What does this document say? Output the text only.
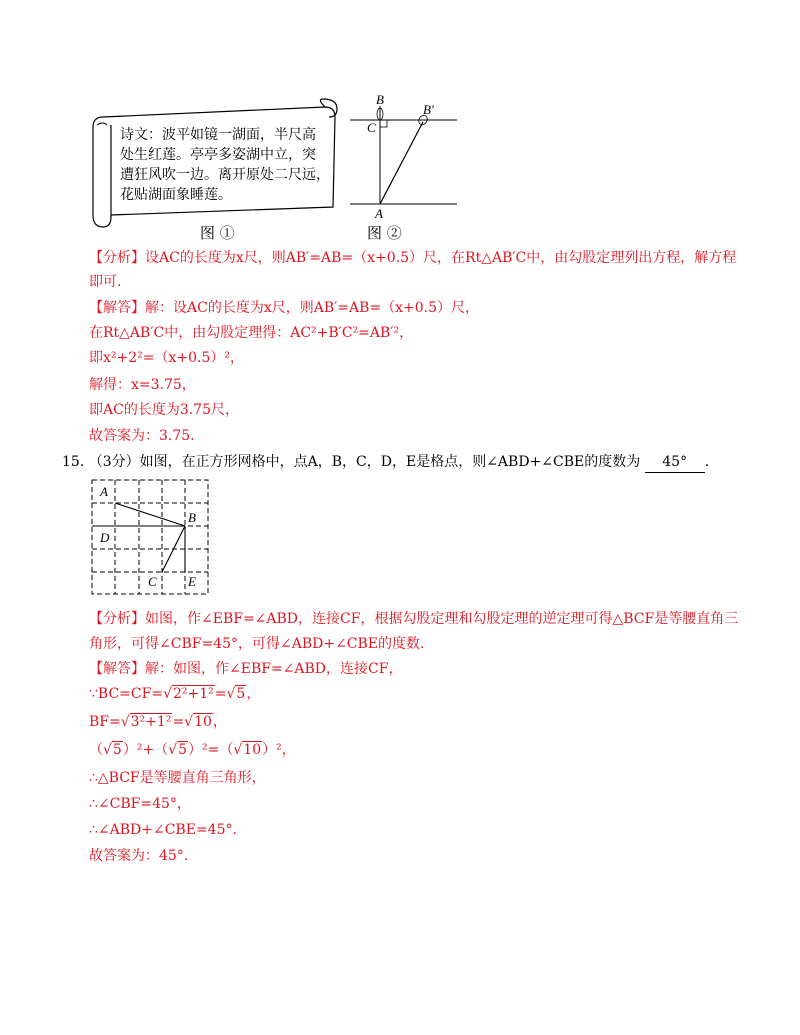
诗文：波平如镜一湖面，半尺高
处生红莲。亭亭多姿湖中立，突
遭狂风吹一边。离开原处二尺远，
花贴湖面象睡莲。
图 ①
B
B′
C
A
图 ②
【分析】设AC的长度为x尺，则AB′=AB=（x+0.5）尺，在Rt△AB′C中，由勾股定理列出方程，解方程
即可.
【解答】解：设AC的长度为x尺，则AB′=AB=（x+0.5）尺，
在Rt△AB′C中，由勾股定理得：AC²+B′C²=AB′²，
即x²+2²=（x+0.5）²，
解得：x=3.75，
即AC的长度为3.75尺，
故答案为：3.75.
15. （3分）如图，在正方形网格中，点A，B，C，D，E是格点，则∠ABD+∠CBE的度数为 45° .
A
B
D
C E
【分析】如图，作∠EBF=∠ABD，连接CF，根据勾股定理和勾股定理的逆定理可得△BCF是等腰直角三
角形，可得∠CBF=45°，可得∠ABD+∠CBE的度数.
【解答】解：如图，作∠EBF=∠ABD，连接CF，
∵BC=CF=√2²+1²=√5，
BF=√3²+1²=√10，
（√5）²+（√5）²=（√10）²，
∴△BCF是等腰直角三角形，
∴∠CBF=45°，
∴∠ABD+∠CBE=45°.
故答案为：45°.
